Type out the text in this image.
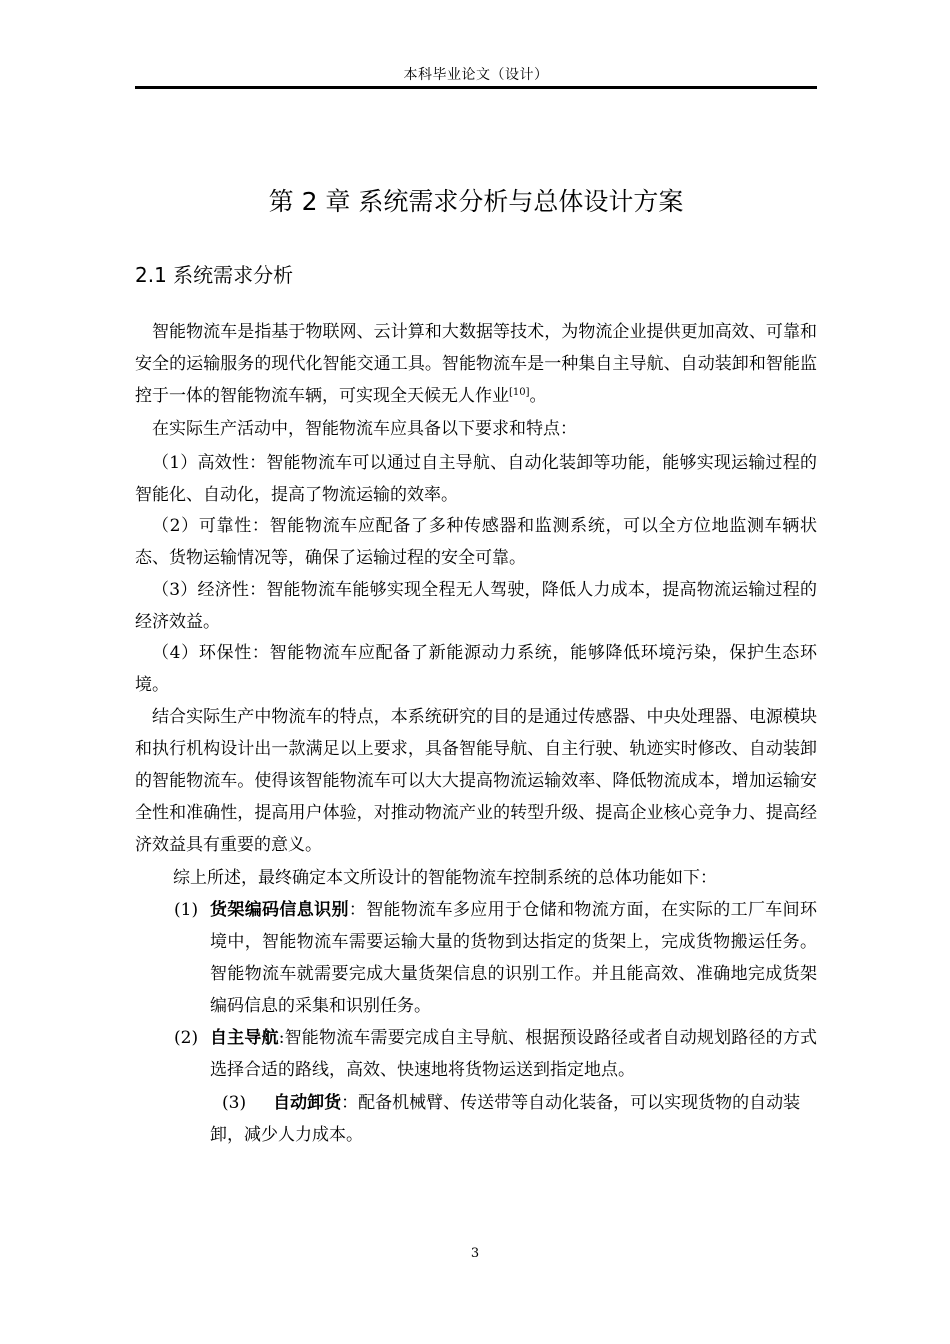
本科毕业论文（设计）
第 2 章 系统需求分析与总体设计方案
2.1 系统需求分析

智能物流车是指基于物联网、云计算和大数据等技术，为物流企业提供更加高效、可靠和安全的运输服务的现代化智能交通工具。智能物流车是一种集自主导航、自动装卸和智能监控于一体的智能物流车辆，可实现全天候无人作业[10]。

在实际生产活动中，智能物流车应具备以下要求和特点：

（1）高效性：智能物流车可以通过自主导航、自动化装卸等功能，能够实现运输过程的智能化、自动化，提高了物流运输的效率。

（2）可靠性：智能物流车应配备了多种传感器和监测系统，可以全方位地监测车辆状态、货物运输情况等，确保了运输过程的安全可靠。

（3）经济性：智能物流车能够实现全程无人驾驶，降低人力成本，提高物流运输过程的经济效益。

（4）环保性：智能物流车应配备了新能源动力系统，能够降低环境污染，保护生态环境。

结合实际生产中物流车的特点，本系统研究的目的是通过传感器、中央处理器、电源模块和执行机构设计出一款满足以上要求，具备智能导航、自主行驶、轨迹实时修改、自动装卸的智能物流车。使得该智能物流车可以大大提高物流运输效率、降低物流成本，增加运输安全性和准确性，提高用户体验，对推动物流产业的转型升级、提高企业核心竞争力、提高经济效益具有重要的意义。

综上所述，最终确定本文所设计的智能物流车控制系统的总体功能如下：

(1) 货架编码信息识别：智能物流车多应用于仓储和物流方面，在实际的工厂车间环境中，智能物流车需要运输大量的货物到达指定的货架上，完成货物搬运任务。智能物流车就需要完成大量货架信息的识别工作。并且能高效、准确地完成货架编码信息的采集和识别任务。
(2) 自主导航:智能物流车需要完成自主导航、根据预设路径或者自动规划路径的方式选择合适的路线，高效、快速地将货物运送到指定地点。
(3) 自动卸货：配备机械臂、传送带等自动化装备，可以实现货物的自动装卸，减少人力成本。
3
